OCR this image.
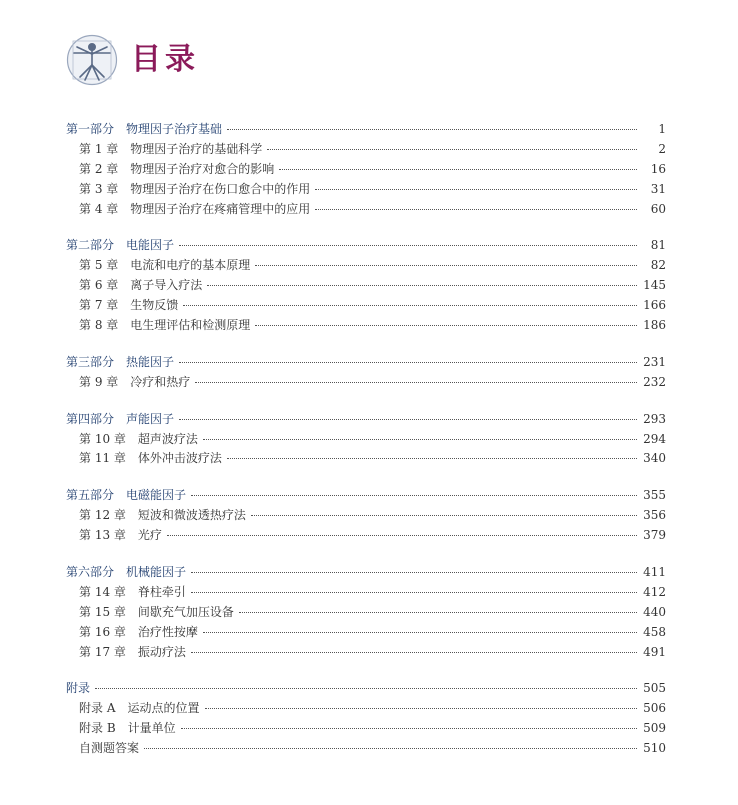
目录
第一部分 物理因子治疗基础	1
第 1 章 物理因子治疗的基础科学	2
第 2 章 物理因子治疗对愈合的影响	16
第 3 章 物理因子治疗在伤口愈合中的作用	31
第 4 章 物理因子治疗在疼痛管理中的应用	60
第二部分 电能因子	81
第 5 章 电流和电疗的基本原理	82
第 6 章 离子导入疗法	145
第 7 章 生物反馈	166
第 8 章 电生理评估和检测原理	186
第三部分 热能因子	231
第 9 章 冷疗和热疗	232
第四部分 声能因子	293
第 10 章 超声波疗法	294
第 11 章 体外冲击波疗法	340
第五部分 电磁能因子	355
第 12 章 短波和微波透热疗法	356
第 13 章 光疗	379
第六部分 机械能因子	411
第 14 章 脊柱牵引	412
第 15 章 间歇充气加压设备	440
第 16 章 治疗性按摩	458
第 17 章 振动疗法	491
附录	505
附录 A 运动点的位置	506
附录 B 计量单位	509
自测题答案	510
